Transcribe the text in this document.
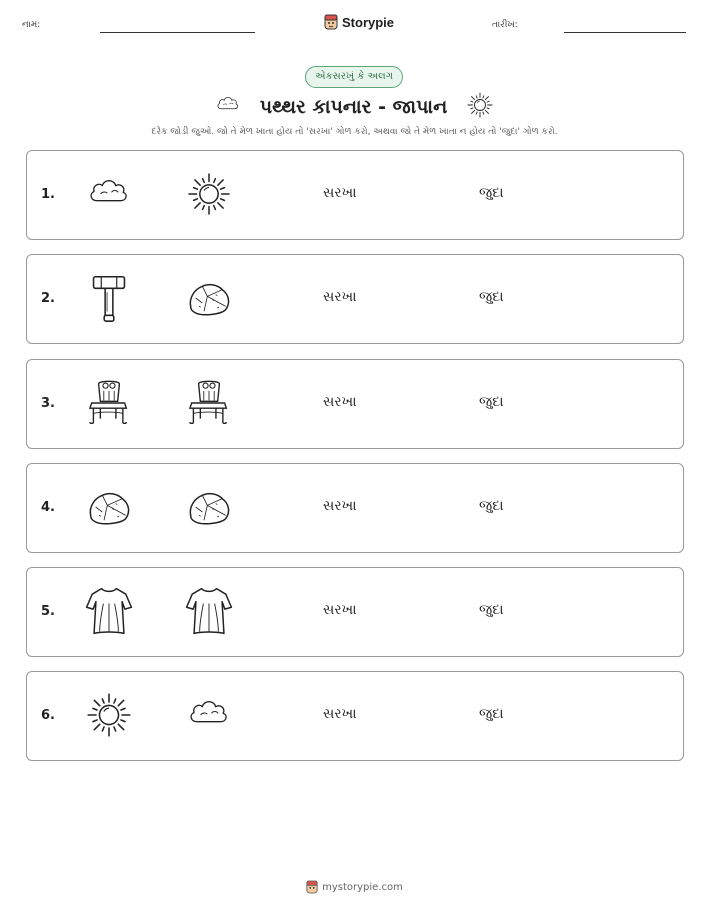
નામ:	Storypie	તારીખ:
એકસરખું કે અલગ
પથ્થર કાપનાર - જાપાન
દરેક જોડી જુઓ. જો તે મેળ ખાતા હોય તો 'સરખા' ગોળ કરો, અથવા જો તે મેળ ખાતા ન હોય તો 'જુદા' ગોળ કરો.
1.	સરખા	જુદા
2.	સરખા	જુદા
3.	સરખા	જુદા
4.	સરખા	જુદા
5.	સરખા	જુદા
6.	સરખા	જુદા
mystorypie.com
